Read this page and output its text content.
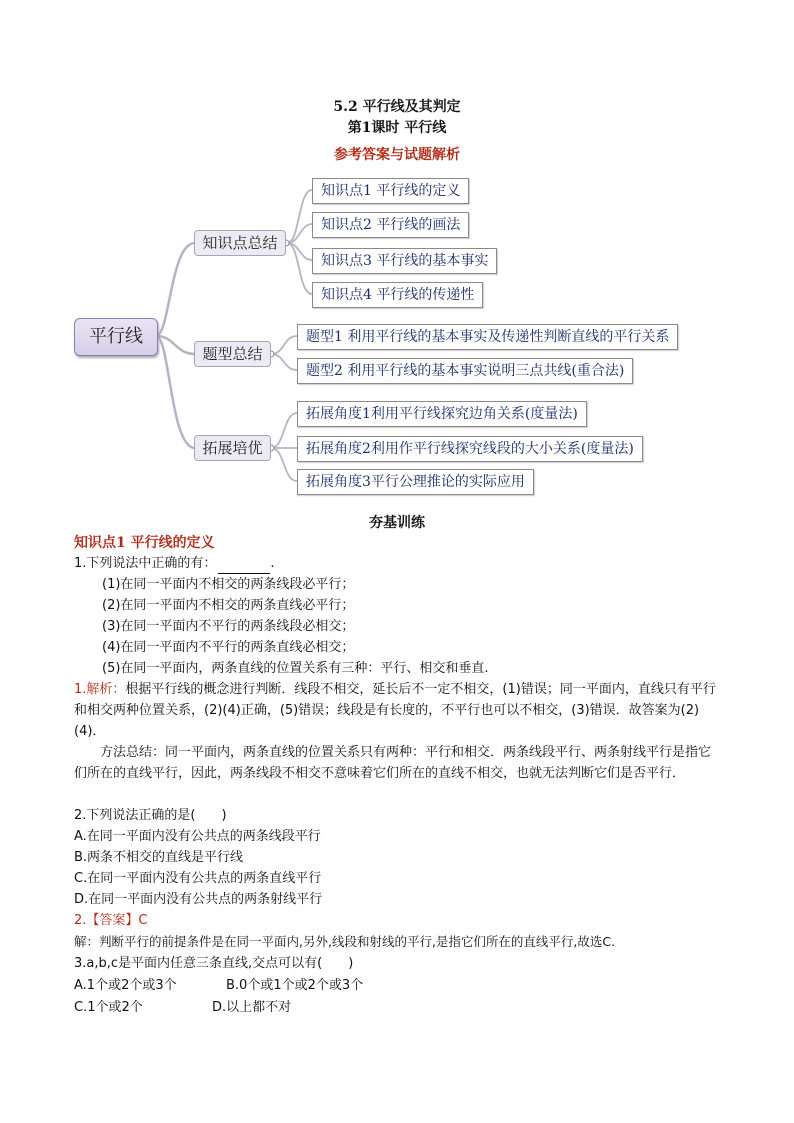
5.2 平行线及其判定
第1课时 平行线
参考答案与试题解析
平行线
知识点总结
题型总结
拓展培优
知识点1 平行线的定义
知识点2 平行线的画法
知识点3 平行线的基本事实
知识点4 平行线的传递性
题型1 利用平行线的基本事实及传递性判断直线的平行关系
题型2 利用平行线的基本事实说明三点共线(重合法)
拓展角度1利用平行线探究边角关系(度量法)
拓展角度2利用作平行线探究线段的大小关系(度量法)
拓展角度3平行公理推论的实际应用
夯基训练
知识点1 平行线的定义
1.下列说法中正确的有：	.
(1)在同一平面内不相交的两条线段必平行；
(2)在同一平面内不相交的两条直线必平行；
(3)在同一平面内不平行的两条线段必相交；
(4)在同一平面内不平行的两条直线必相交；
(5)在同一平面内，两条直线的位置关系有三种：平行、相交和垂直.
1.解析：根据平行线的概念进行判断．线段不相交，延长后不一定不相交，(1)错误；同一平面内，直线只有平行和相交两种位置关系，(2)(4)正确，(5)错误；线段是有长度的，不平行也可以不相交，(3)错误．故答案为(2)(4)．
方法总结：同一平面内，两条直线的位置关系只有两种：平行和相交．两条线段平行、两条射线平行是指它们所在的直线平行，因此，两条线段不相交不意味着它们所在的直线不相交，也就无法判断它们是否平行．
2.下列说法正确的是(　　)
A.在同一平面内没有公共点的两条线段平行
B.两条不相交的直线是平行线
C.在同一平面内没有公共点的两条直线平行
D.在同一平面内没有公共点的两条射线平行
2.【答案】C
解：判断平行的前提条件是在同一平面内,另外,线段和射线的平行,是指它们所在的直线平行,故选C.
3.a,b,c是平面内任意三条直线,交点可以有(　　)
A.1个或2个或3个	B.0个或1个或2个或3个
C.1个或2个	D.以上都不对
